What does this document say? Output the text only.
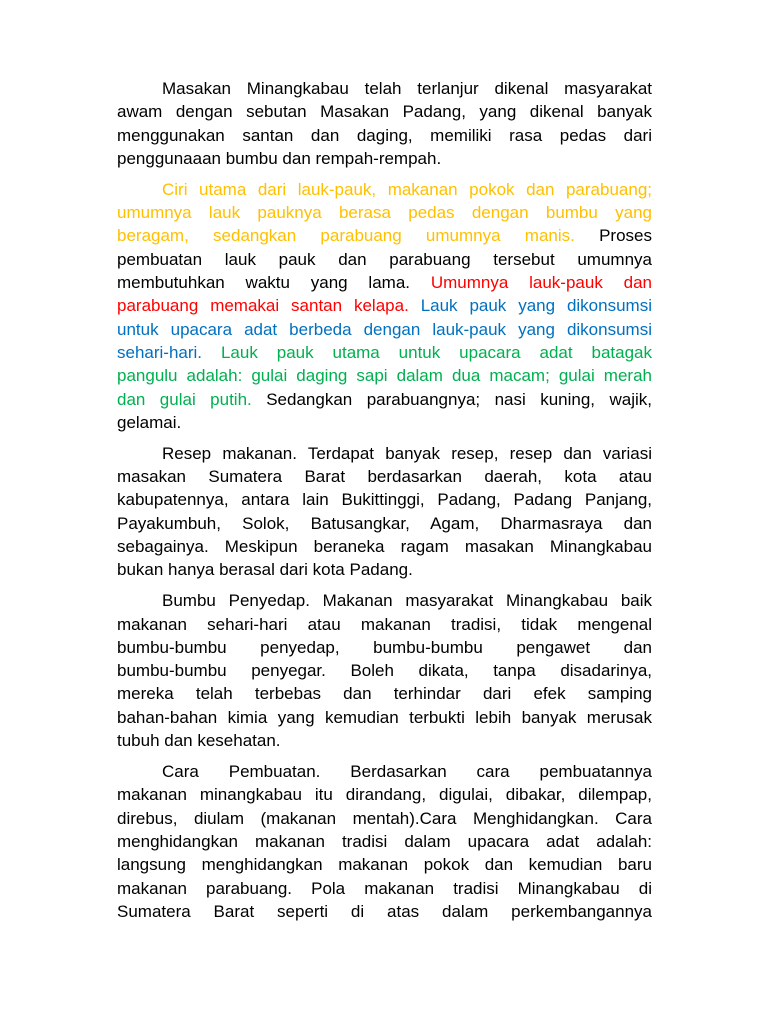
Masakan Minangkabau telah terlanjur dikenal masyarakat
awam dengan sebutan Masakan Padang, yang dikenal banyak
menggunakan santan dan daging, memiliki rasa pedas dari
penggunaaan bumbu dan rempah-rempah.
Ciri utama dari lauk-pauk, makanan pokok dan parabuang;
umumnya lauk pauknya berasa pedas dengan bumbu yang
beragam, sedangkan parabuang umumnya manis. Proses
pembuatan lauk pauk dan parabuang tersebut umumnya
membutuhkan waktu yang lama. Umumnya lauk-pauk dan
parabuang memakai santan kelapa. Lauk pauk yang dikonsumsi
untuk upacara adat berbeda dengan lauk-pauk yang dikonsumsi
sehari-hari. Lauk pauk utama untuk upacara adat batagak
pangulu adalah: gulai daging sapi dalam dua macam; gulai merah
dan gulai putih. Sedangkan parabuangnya; nasi kuning, wajik,
gelamai.
Resep makanan. Terdapat banyak resep, resep dan variasi
masakan Sumatera Barat berdasarkan daerah, kota atau
kabupatennya, antara lain Bukittinggi, Padang, Padang Panjang,
Payakumbuh, Solok, Batusangkar, Agam, Dharmasraya dan
sebagainya. Meskipun beraneka ragam masakan Minangkabau
bukan hanya berasal dari kota Padang.
Bumbu Penyedap. Makanan masyarakat Minangkabau baik
makanan sehari-hari atau makanan tradisi, tidak mengenal
bumbu-bumbu penyedap, bumbu-bumbu pengawet dan
bumbu-bumbu penyegar. Boleh dikata, tanpa disadarinya,
mereka telah terbebas dan terhindar dari efek samping
bahan-bahan kimia yang kemudian terbukti lebih banyak merusak
tubuh dan kesehatan.
Cara Pembuatan. Berdasarkan cara pembuatannya
makanan minangkabau itu dirandang, digulai, dibakar, dilempap,
direbus, diulam (makanan mentah).Cara Menghidangkan. Cara
menghidangkan makanan tradisi dalam upacara adat adalah:
langsung menghidangkan makanan pokok dan kemudian baru
makanan parabuang. Pola makanan tradisi Minangkabau di
Sumatera Barat seperti di atas dalam perkembangannya
